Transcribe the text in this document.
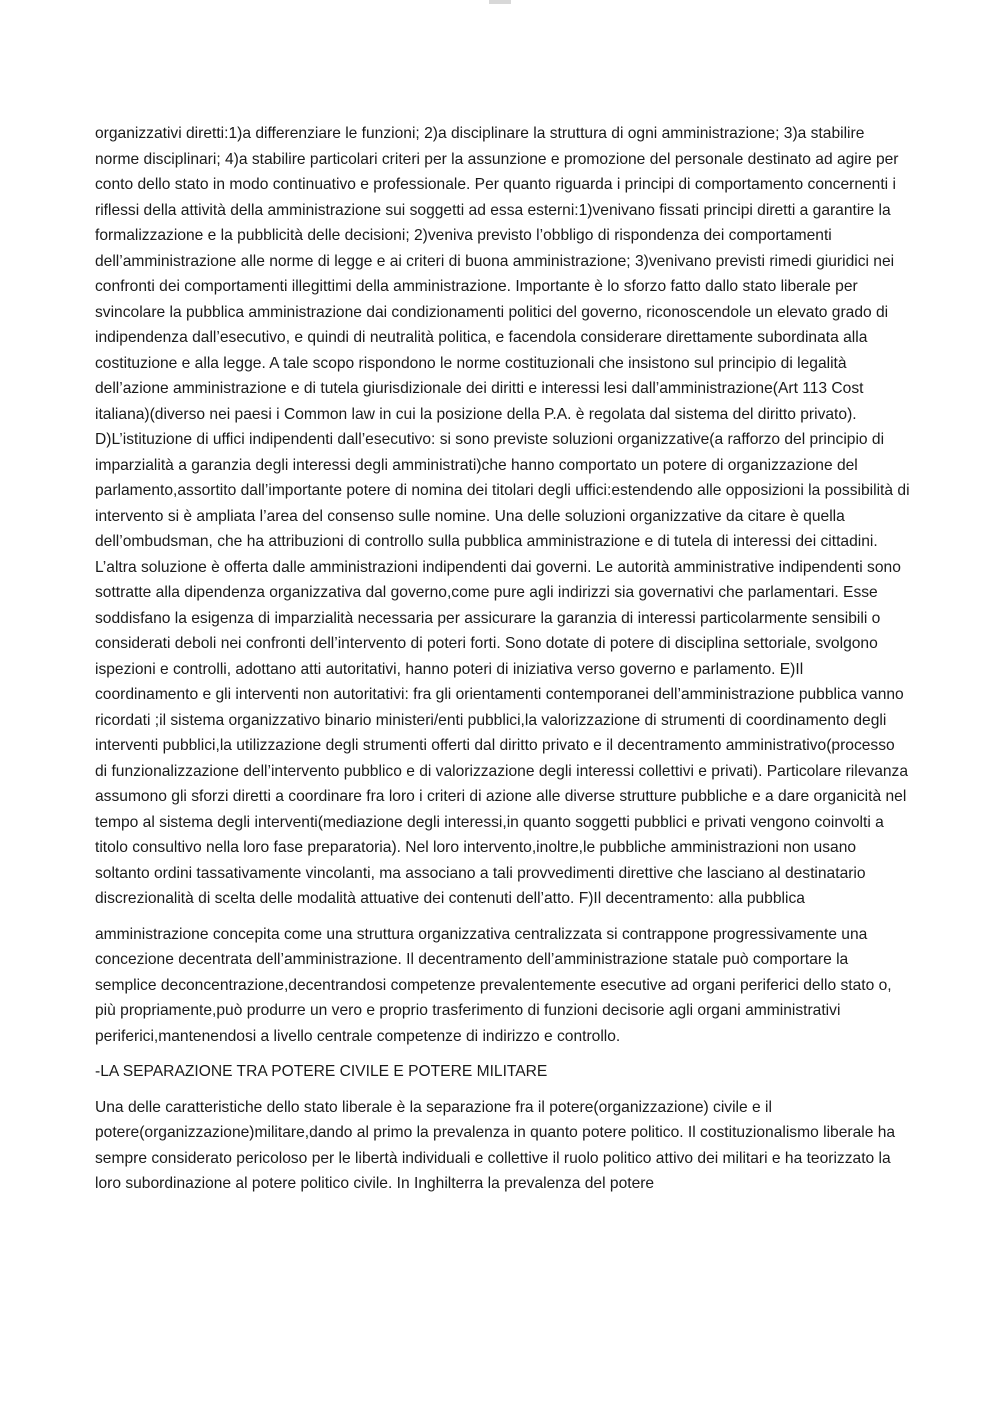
organizzativi diretti:1)a differenziare le funzioni; 2)a disciplinare la struttura di ogni amministrazione; 3)a stabilire norme disciplinari; 4)a stabilire particolari criteri per la assunzione e promozione del personale destinato ad agire per conto dello stato in modo continuativo e professionale. Per quanto riguarda i principi di comportamento concernenti i riflessi della attività della amministrazione sui soggetti ad essa esterni:1)venivano fissati principi diretti a garantire la formalizzazione e la pubblicità delle decisioni; 2)veniva previsto l’obbligo di rispondenza dei comportamenti dell’amministrazione alle norme di legge e ai criteri di buona amministrazione; 3)venivano previsti rimedi giuridici nei confronti dei comportamenti illegittimi della amministrazione. Importante è lo sforzo fatto dallo stato liberale per svincolare la pubblica amministrazione dai condizionamenti politici del governo, riconoscendole un elevato grado di indipendenza dall’esecutivo, e quindi di neutralità politica, e facendola considerare direttamente subordinata alla costituzione e alla legge. A tale scopo rispondono le norme costituzionali che insistono sul principio di legalità dell’azione amministrazione e di tutela giurisdizionale dei diritti e interessi lesi dall’amministrazione(Art 113 Cost italiana)(diverso nei paesi i Common law in cui la posizione della P.A. è regolata dal sistema del diritto privato). D)L’istituzione di uffici indipendenti dall’esecutivo: si sono previste soluzioni organizzative(a rafforzo del principio di imparzialità a garanzia degli interessi degli amministrati)che hanno comportato un potere di organizzazione del parlamento,assortito dall’importante potere di nomina dei titolari degli uffici:estendendo alle opposizioni la possibilità di intervento si è ampliata l’area del consenso sulle nomine. Una delle soluzioni organizzative da citare è quella dell’ombudsman, che ha attribuzioni di controllo sulla pubblica amministrazione e di tutela di interessi dei cittadini. L’altra soluzione è offerta dalle amministrazioni indipendenti dai governi. Le autorità amministrative indipendenti sono sottratte alla dipendenza organizzativa dal governo,come pure agli indirizzi sia governativi che parlamentari. Esse soddisfano la esigenza di imparzialità necessaria per assicurare la garanzia di interessi particolarmente sensibili o considerati deboli nei confronti dell’intervento di poteri forti. Sono dotate di potere di disciplina settoriale, svolgono ispezioni e controlli, adottano atti autoritativi, hanno poteri di iniziativa verso governo e parlamento. E)Il coordinamento e gli interventi non autoritativi: fra gli orientamenti contemporanei dell’amministrazione pubblica vanno ricordati ;il sistema organizzativo binario ministeri/enti pubblici,la valorizzazione di strumenti di coordinamento degli interventi pubblici,la utilizzazione degli strumenti offerti dal diritto privato e il decentramento amministrativo(processo di funzionalizzazione dell’intervento pubblico e di valorizzazione degli interessi collettivi e privati). Particolare rilevanza assumono gli sforzi diretti a coordinare fra loro i criteri di azione alle diverse strutture pubbliche e a dare organicità nel tempo al sistema degli interventi(mediazione degli interessi,in quanto soggetti pubblici e privati vengono coinvolti a titolo consultivo nella loro fase preparatoria). Nel loro intervento,inoltre,le pubbliche amministrazioni non usano soltanto ordini tassativamente vincolanti, ma associano a tali provvedimenti direttive che lasciano al destinatario discrezionalità di scelta delle modalità attuative dei contenuti dell’atto. F)Il decentramento: alla pubblica

amministrazione concepita come una struttura organizzativa centralizzata si contrappone progressivamente una concezione decentrata dell’amministrazione. Il decentramento dell’amministrazione statale può comportare la semplice deconcentrazione,decentrandosi competenze prevalentemente esecutive ad organi periferici dello stato o, più propriamente,può produrre un vero e proprio trasferimento di funzioni decisorie agli organi amministrativi periferici,mantenendosi a livello centrale competenze di indirizzo e controllo.

-LA SEPARAZIONE TRA POTERE CIVILE E POTERE MILITARE

Una delle caratteristiche dello stato liberale è la separazione fra il potere(organizzazione) civile e il potere(organizzazione)militare,dando al primo la prevalenza in quanto potere politico. Il costituzionalismo liberale ha sempre considerato pericoloso per le libertà individuali e collettive il ruolo politico attivo dei militari e ha teorizzato la loro subordinazione al potere politico civile. In Inghilterra la prevalenza del potere
